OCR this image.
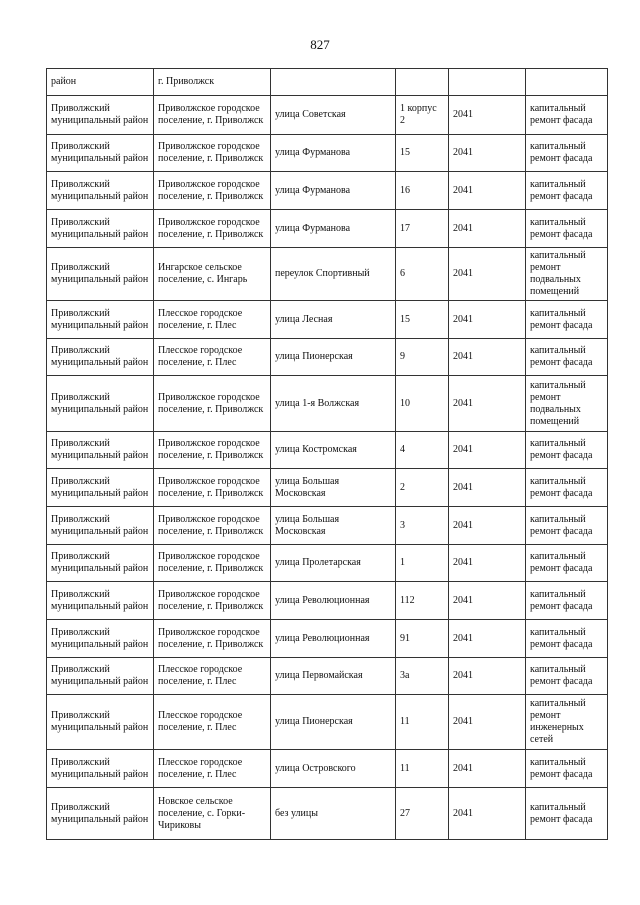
827
район	г. Приволжск				
Приволжский муниципальный район	Приволжское городское поселение, г. Приволжск	улица Советская	1 корпус 2	2041	капитальный ремонт фасада
Приволжский муниципальный район	Приволжское городское поселение, г. Приволжск	улица Фурманова	15	2041	капитальный ремонт фасада
Приволжский муниципальный район	Приволжское городское поселение, г. Приволжск	улица Фурманова	16	2041	капитальный ремонт фасада
Приволжский муниципальный район	Приволжское городское поселение, г. Приволжск	улица Фурманова	17	2041	капитальный ремонт фасада
Приволжский муниципальный район	Ингарское сельское поселение, с. Ингарь	переулок Спортивный	6	2041	капитальный ремонт подвальных помещений
Приволжский муниципальный район	Плесское городское поселение, г. Плес	улица Лесная	15	2041	капитальный ремонт фасада
Приволжский муниципальный район	Плесское городское поселение, г. Плес	улица Пионерская	9	2041	капитальный ремонт фасада
Приволжский муниципальный район	Приволжское городское поселение, г. Приволжск	улица 1-я Волжская	10	2041	капитальный ремонт подвальных помещений
Приволжский муниципальный район	Приволжское городское поселение, г. Приволжск	улица Костромская	4	2041	капитальный ремонт фасада
Приволжский муниципальный район	Приволжское городское поселение, г. Приволжск	улица Большая Московская	2	2041	капитальный ремонт фасада
Приволжский муниципальный район	Приволжское городское поселение, г. Приволжск	улица Большая Московская	3	2041	капитальный ремонт фасада
Приволжский муниципальный район	Приволжское городское поселение, г. Приволжск	улица Пролетарская	1	2041	капитальный ремонт фасада
Приволжский муниципальный район	Приволжское городское поселение, г. Приволжск	улица Революционная	112	2041	капитальный ремонт фасада
Приволжский муниципальный район	Приволжское городское поселение, г. Приволжск	улица Революционная	91	2041	капитальный ремонт фасада
Приволжский муниципальный район	Плесское городское поселение, г. Плес	улица Первомайская	3а	2041	капитальный ремонт фасада
Приволжский муниципальный район	Плесское городское поселение, г. Плес	улица Пионерская	11	2041	капитальный ремонт инженерных сетей
Приволжский муниципальный район	Плесское городское поселение, г. Плес	улица Островского	11	2041	капитальный ремонт фасада
Приволжский муниципальный район	Новское сельское поселение, с. Горки-Чириковы	без улицы	27	2041	капитальный ремонт фасада
